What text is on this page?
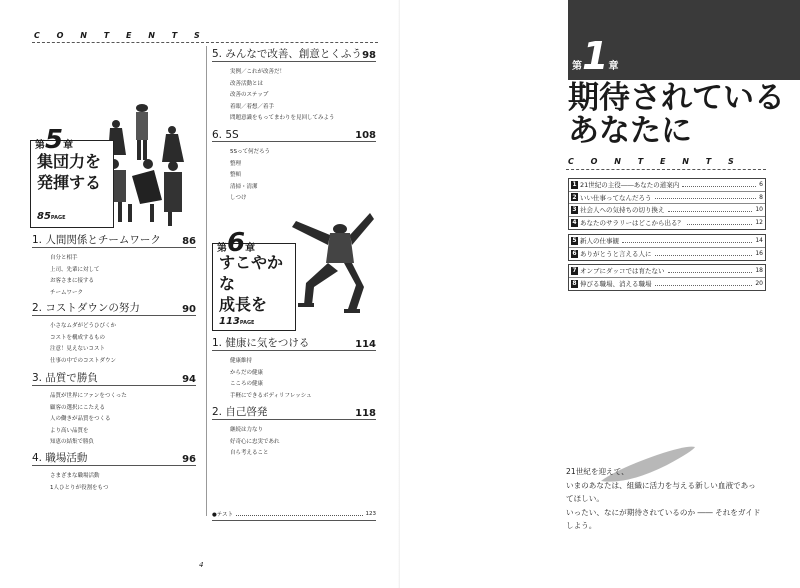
C O N T E N T S
第5章
集団力を
発揮する
85PAGE
1. 人間関係とチームワーク 86
自分と相手
上司、先輩に対して
お客さまに接する
チームワーク
2. コストダウンの努力	90
小さなムダがどうひびくか
コストを構成するもの
注意！見えないコスト
仕事の中でのコストダウン
3. 品質で勝負	94
品質が世界にファンをつくった
顧客の選択にこたえる
人の働きが品質をつくる
より高い品質を
知恵の結集で勝負
4. 職場活動	96
さまざまな職場活動
1人ひとりが役割をもつ
第6章
すこやかな
成長を
113PAGE
5. みんなで改善、創意とくふう 98
実例／これが改善だ！
改善活動とは
改善のステップ
着眼／着想／着手
問題意識をもってまわりを見回してみよう
6. 5S	108
5Sって何だろう
整理
整頓
清掃・清潔
しつけ
1. 健康に気をつける	114
健康維持
からだの健康
こころの健康
手軽にできるボディリフレッシュ
2. 自己啓発	118
継続は力なり
好奇心に忠実であれ
自ら考えること
●テスト	123
4
第1章
期待されている
あなたに
C O N T E N T S
1 21世紀の主役――あなたの道案内	6
2 いい仕事ってなんだろう	8
3 社会人への気持ちの切り換え	10
4 あなたのサラリーはどこから出る？	12
5 新人の仕事観	14
6 ありがとうと言える人に	16
7 オンブにダッコでは育たない	18
8 伸びる職場、消える職場	20
21世紀を迎えて、
いまのあなたは、組織に活力を与える新しい血液であっ
てほしい。
いったい、なにが期待されているのか ―― それをガイド
しよう。
